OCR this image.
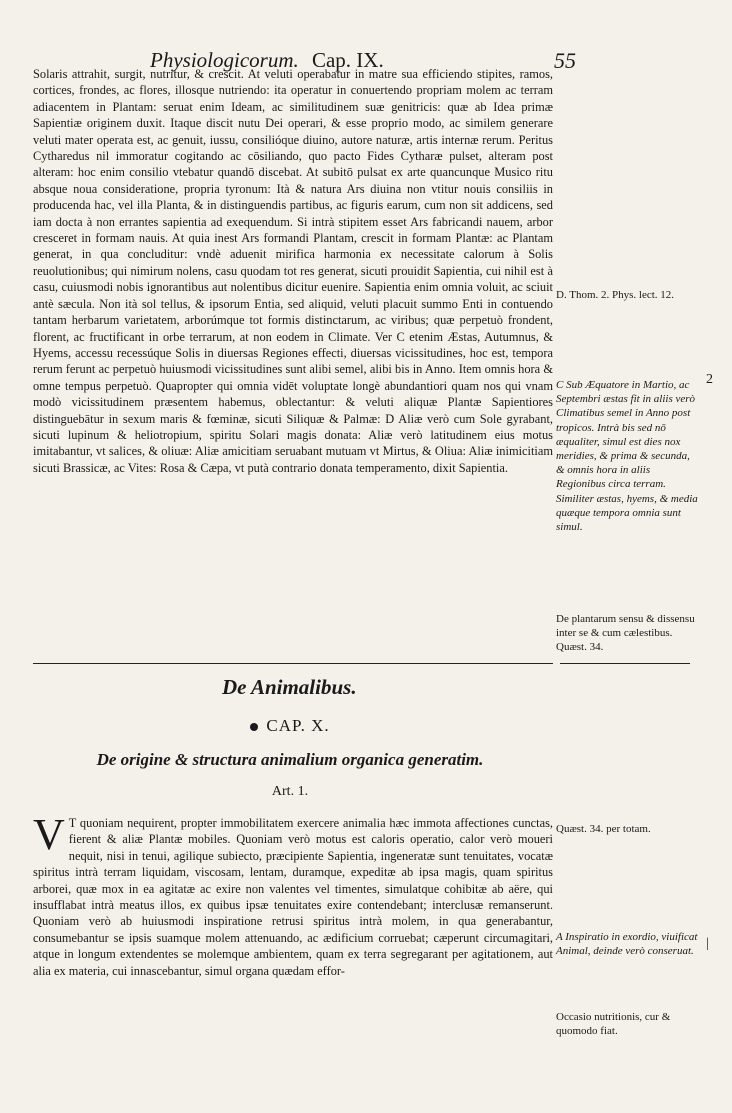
Physiologicorum. Cap. IX.	55

Solaris attrahit, surgit, nutritur, & crescit. At veluti operabatur in matre sua efficiendo stipites, ramos, cortices, frondes, ac flores, illosque nutriendo: ita operatur in conuertendo propriam molem ac terram adiacentem in Plantam: seruat enim Ideam, ac similitudinem suæ genitricis: quæ ab Idea primæ Sapientiæ originem duxit. Itaque discit nutu Dei operari, & esse proprio modo, ac similem generare veluti mater operata est, ac genuit, iussu, consilióque diuino, autore naturæ, artis internæ rerum. Peritus Cytharedus nil immoratur cogitando ac cōsiliando, quo pacto Fides Cytharæ pulset, alteram post alteram: hoc enim consilio vtebatur quandō discebat. At subitō pulsat ex arte quancunque Musico ritu absque noua consideratione, propria tyronum: Ità & natura Ars diuina non vtitur nouis consiliis in producenda hac, vel illa Planta, & in distinguendis partibus, ac figuris earum, cum non sit addicens, sed iam docta à non errantes sapientia ad exequendum. Si intrà stipitem esset Ars fabricandi nauem, arbor cresceret in formam nauis. At quia inest Ars formandi Plantam, crescit in formam Plantæ: ac Plantam generat, in qua concluditur: vndè aduenit mirifica harmonia ex necessitate calorum à Solis reuolutionibus; qui nimirum nolens, casu quodam tot res generat, sicuti prouidit Sapientia, cui nihil est à casu, cuiusmodi nobis ignorantibus aut nolentibus dicitur euenire. Sapientia enim omnia voluit, ac sciuit antè sæcula. Non ità sol tellus, & ipsorum Entia, sed aliquid, veluti placuit summo Enti in contuendo tantam herbarum varietatem, arborúmque tot formis distinctarum, ac viribus; quæ perpetuò frondent, florent, ac fructificant in orbe terrarum, at non eodem in Climate. Ver C etenim Æstas, Autumnus, & Hyems, accessu recessúque Solis in diuersas Regiones effecti, diuersas vicissitudines, hoc est, tempora rerum ferunt ac perpetuò huiusmodi vicissitudines sunt alibi semel, alibi bis in Anno. Item omnis hora & omne tempus perpetuò. Quapropter qui omnia vidēt voluptate longè abundantiori quam nos qui vnam modò vicissitudinem præsentem habemus, oblectantur: & veluti aliquæ Plantæ Sapientiores distinguebātur in sexum maris & fœminæ, sicuti Siliquæ & Palmæ: D Aliæ verò cum Sole gyrabant, sicuti lupinum & heliotropium, spiritu Solari magis donata: Aliæ verò latitudinem eius motus imitabantur, vt salices, & oliuæ: Aliæ amicitiam seruabant mutuam vt Mirtus, & Oliua: Aliæ inimicitiam sicuti Brassicæ, ac Vites: Rosa & Cæpa, vt putà contrario donata temperamento, dixit Sapientia.

D. Thom. 2. Phys. lect. 12.
C Sub Æquatore in Martio, ac Septembri æstas fit in aliis verò Climatibus semel in Anno post tropicos. Intrà bis sed nō æqualiter, simul est dies nox meridies, & prima & secunda, & omnis hora in aliis Regionibus circa terram. Similiter æstas, hyems, & media quæque tempora omnia sunt simul.
De plantarum sensu & dissensu inter se & cum cælestibus. Quæst. 34.
2
De Animalibus.
CAP. X.
De origine & structura animalium organica generatim.
Art. 1.
V T quoniam nequirent, propter immobilitatem exercere animalia hæc immota affectiones cunctas, fierent & aliæ Plantæ mobiles. Quoniam verò motus est caloris operatio, calor verò moueri nequit, nisi in tenui, agilique subiecto, præcipiente Sapientia, ingeneratæ sunt tenuitates, vocatæ spiritus intrà terram liquidam, viscosam, lentam, duramque, expeditæ ab ipsa magis, quam spiritus arborei, quæ mox in ea agitatæ ac exire non valentes vel timentes, simulatque cohibitæ ab aëre, qui insufflabat intrà meatus illos, ex quibus ipsæ tenuitates exire contendebant; interclusæ remanserunt. Quoniam verò ab huiusmodi inspiratione retrusi spiritus intrà molem, in qua generabantur, consumebantur se ipsis suamque molem attenuando, ac ædificium corruebat; cæperunt circumagitari, atque in longum extendentes se molemque ambientem, quam ex terra segregarant per agitationem, aut alia ex materia, cui innascebantur, simul organa quædam effor-

Quæst. 34. per totam.
A Inspiratio in exordio, viuificat Animal, deinde verò conseruat.
Occasio nutritionis, cur & quomodo fiat.
|
